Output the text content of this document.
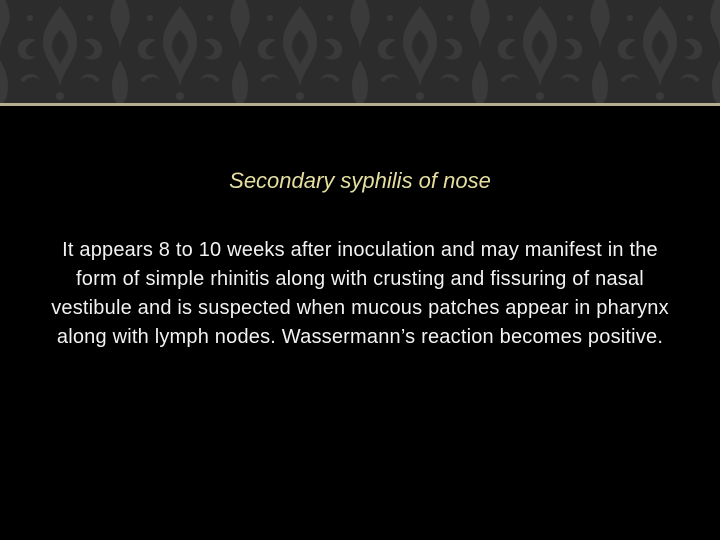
Secondary syphilis of nose

It appears 8 to 10 weeks after inoculation and may manifest in the form of simple rhinitis along with crusting and fissuring of nasal vestibule and is suspected when mucous patches appear in pharynx along with lymph nodes. Wassermann’s reaction becomes positive.
